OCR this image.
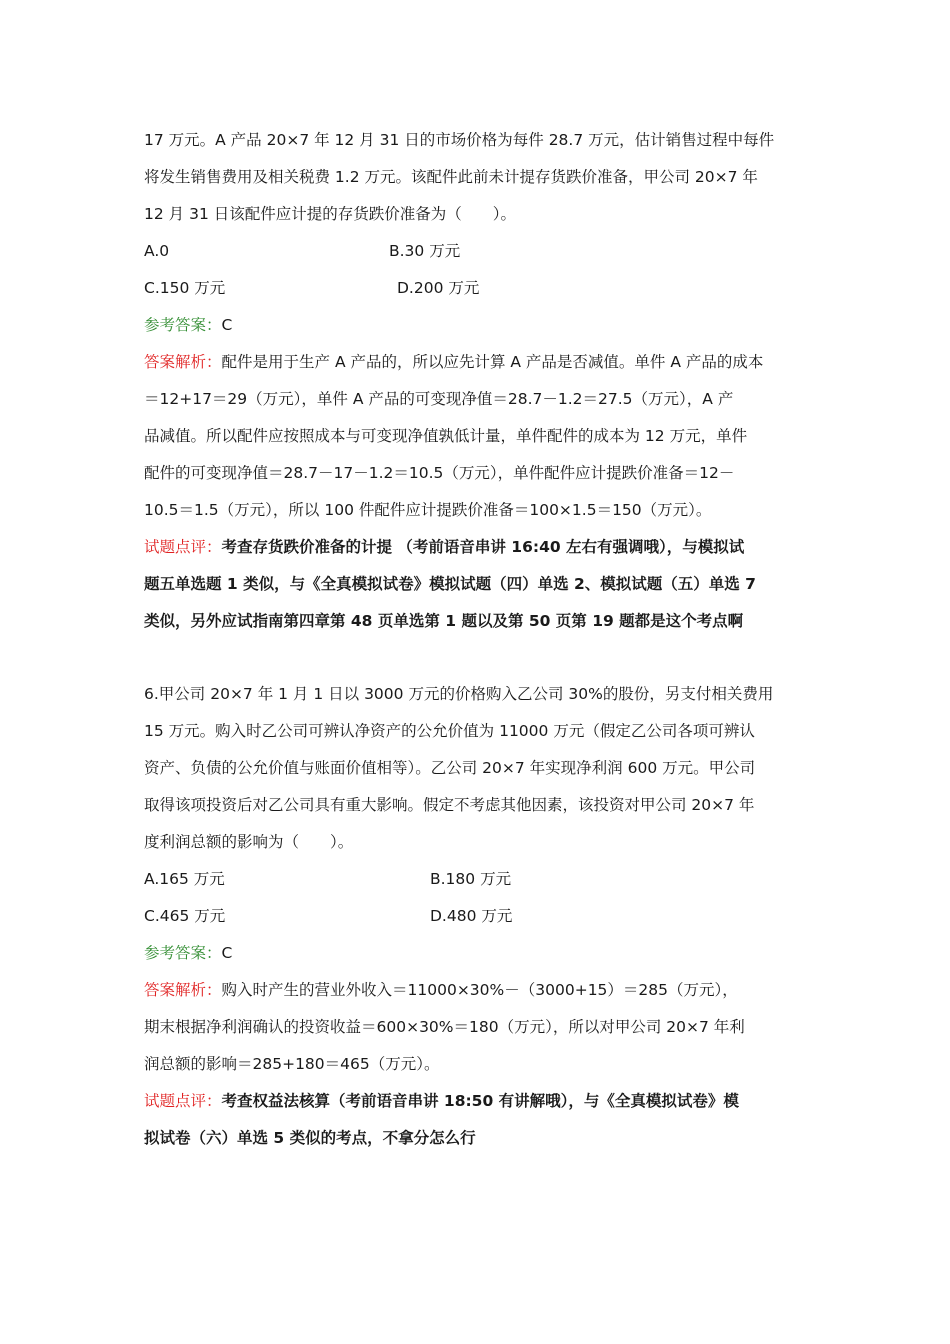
17 万元。A 产品 20×7 年 12 月 31 日的市场价格为每件 28.7 万元，估计销售过程中每件

将发生销售费用及相关税费 1.2 万元。该配件此前未计提存货跌价准备，甲公司 20×7 年

12 月 31 日该配件应计提的存货跌价准备为（　　）。

A.0	B.30 万元
C.150 万元	D.200 万元

参考答案：C

答案解析：配件是用于生产 A 产品的，所以应先计算 A 产品是否减值。单件 A 产品的成本

＝12+17＝29（万元），单件 A 产品的可变现净值＝28.7－1.2＝27.5（万元），A 产

品减值。所以配件应按照成本与可变现净值孰低计量，单件配件的成本为 12 万元，单件

配件的可变现净值＝28.7－17－1.2＝10.5（万元），单件配件应计提跌价准备＝12－

10.5＝1.5（万元），所以 100 件配件应计提跌价准备＝100×1.5＝150（万元）。

试题点评：考查存货跌价准备的计提 （考前语音串讲 16:40 左右有强调哦），与模拟试

题五单选题 1 类似，与《全真模拟试卷》模拟试题（四）单选 2、模拟试题（五）单选 7

类似，另外应试指南第四章第 48 页单选第 1 题以及第 50 页第 19 题都是这个考点啊

6.甲公司 20×7 年 1 月 1 日以 3000 万元的价格购入乙公司 30%的股份，另支付相关费用

15 万元。购入时乙公司可辨认净资产的公允价值为 11000 万元（假定乙公司各项可辨认

资产、负债的公允价值与账面价值相等）。乙公司 20×7 年实现净利润 600 万元。甲公司

取得该项投资后对乙公司具有重大影响。假定不考虑其他因素，该投资对甲公司 20×7 年

度利润总额的影响为（　　）。

A.165 万元	B.180 万元
C.465 万元	D.480 万元

参考答案：C

答案解析：购入时产生的营业外收入＝11000×30%－（3000+15）＝285（万元），

期末根据净利润确认的投资收益＝600×30%＝180（万元），所以对甲公司 20×7 年利

润总额的影响＝285+180＝465（万元）。

试题点评：考查权益法核算（考前语音串讲 18:50 有讲解哦），与《全真模拟试卷》模

拟试卷（六）单选 5 类似的考点，不拿分怎么行
